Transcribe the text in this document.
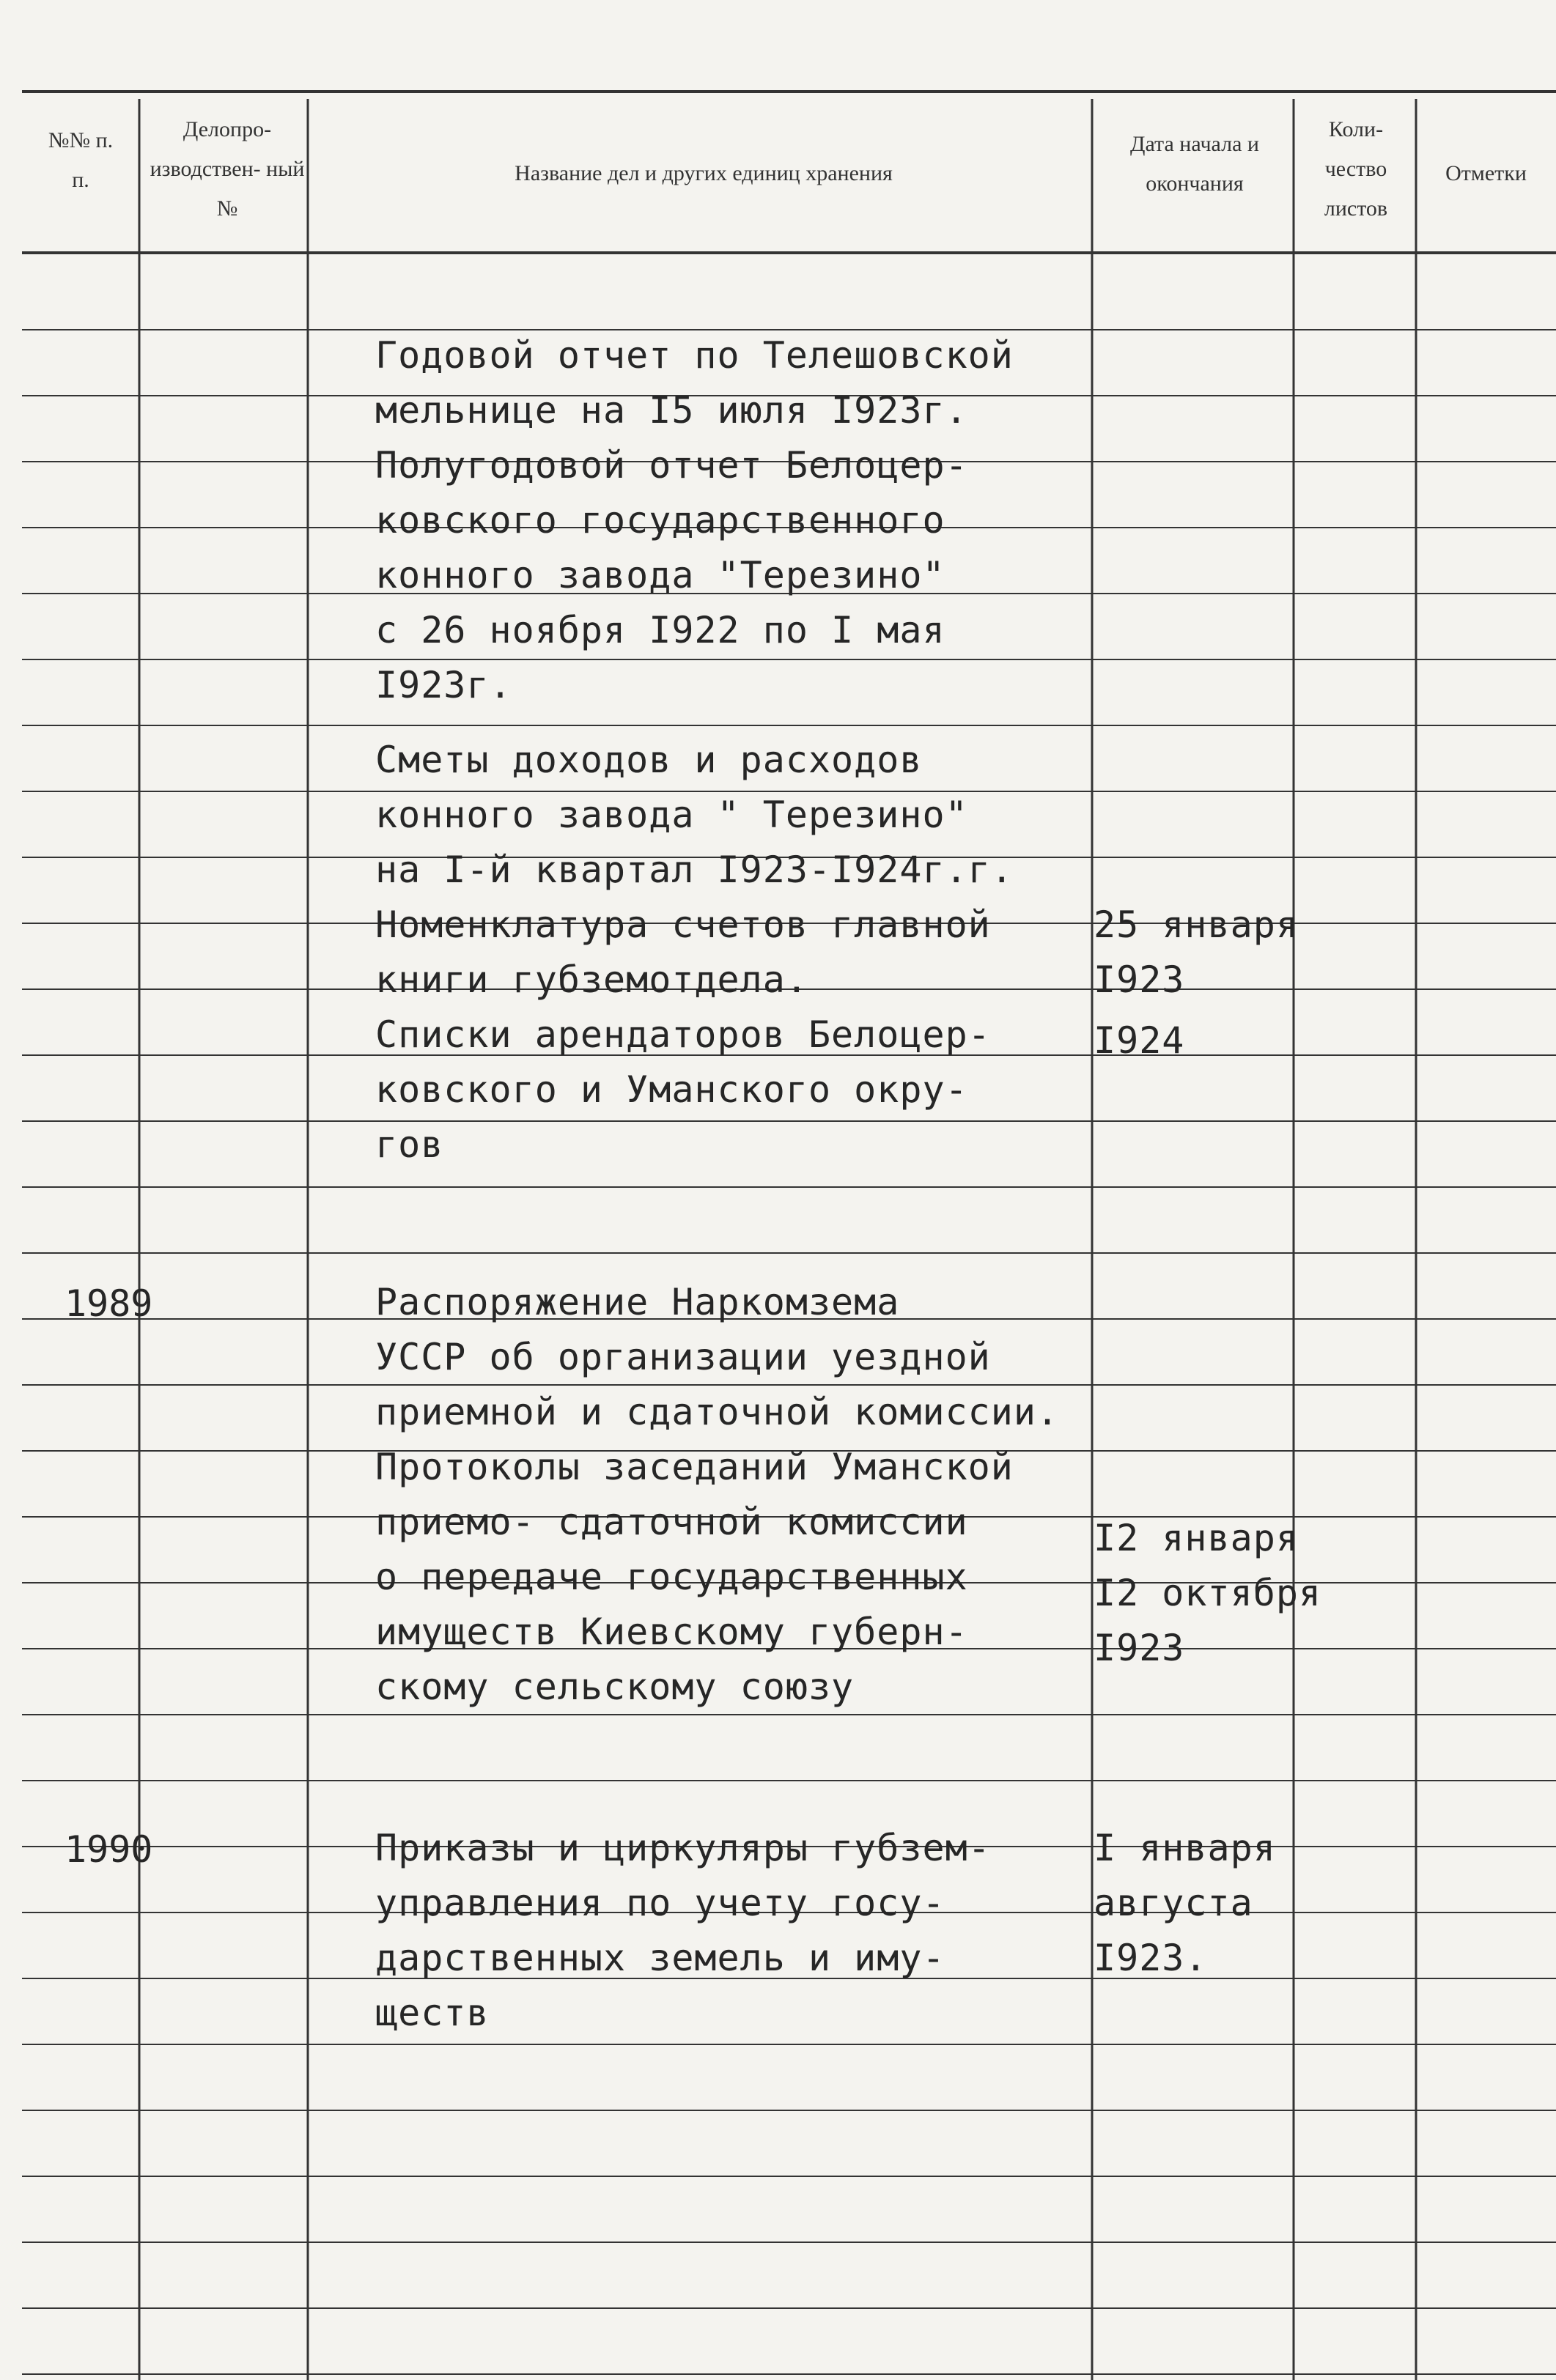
№№ п. п.
Делопро- изводствен- ный №
Название дел и других единиц хранения
Дата начала и окончания
Коли- чество листов
Отметки
Годовой отчет по Телешовской
мельнице на I5 июля I923г.
Полугодовой отчет Белоцер-
ковского государственного
конного завода "Терезино"
с 26 ноября I922 по I мая
I923г.
Сметы доходов и расходов
конного завода " Терезино"
на I-й квартал I923-I924г.г.
Номенклатура счетов главной
книги губземотдела.
25 января
I923
Списки арендаторов Белоцер-
ковского и Уманского окру-
гов
I924
1989	Распоряжение Наркомзема
УССР об организации уездной
приемной и сдаточной комиссии.
Протоколы заседаний Уманской
приемо- сдаточной комиссии
о передаче государственных
имуществ Киевскому губерн-
скому сельскому союзу
I2 января
I2 октября
I923
1990	Приказы и циркуляры губзем-
управления по учету госу-
дарственных земель и иму-
ществ
I января
августа
I923.
